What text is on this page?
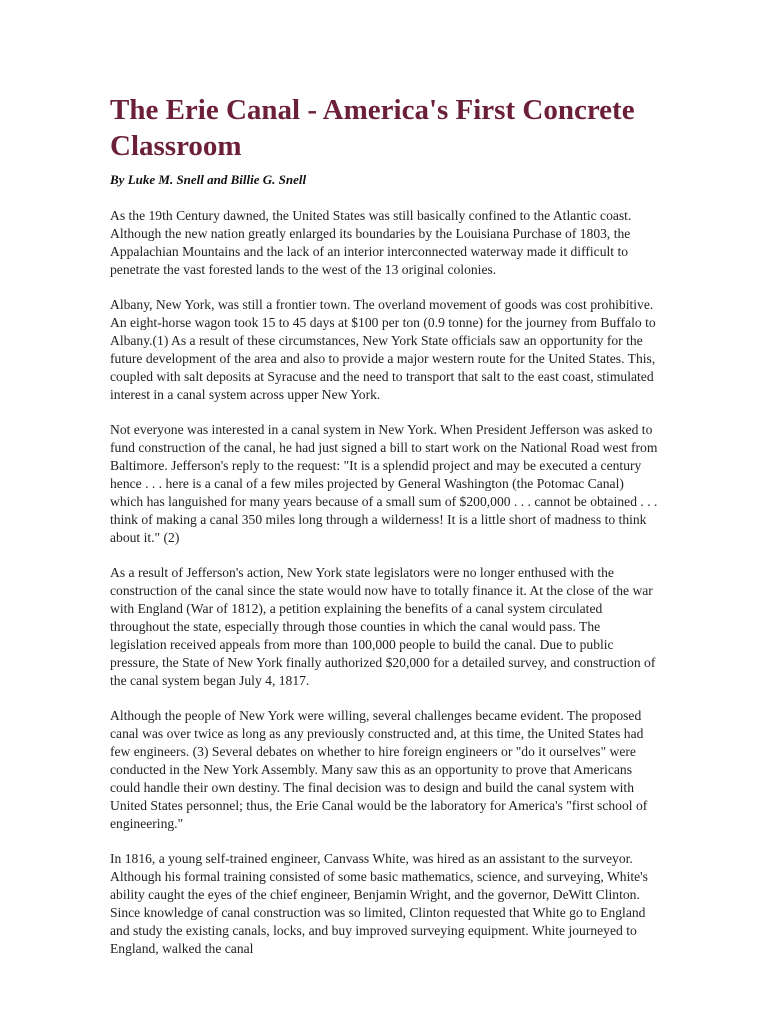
The Erie Canal - America's First Concrete Classroom
By Luke M. Snell and Billie G. Snell

As the 19th Century dawned, the United States was still basically confined to the Atlantic coast. Although the new nation greatly enlarged its boundaries by the Louisiana Purchase of 1803, the Appalachian Mountains and the lack of an interior interconnected waterway made it difficult to penetrate the vast forested lands to the west of the 13 original colonies.

Albany, New York, was still a frontier town. The overland movement of goods was cost prohibitive. An eight-horse wagon took 15 to 45 days at $100 per ton (0.9 tonne) for the journey from Buffalo to Albany.(1) As a result of these circumstances, New York State officials saw an opportunity for the future development of the area and also to provide a major western route for the United States. This, coupled with salt deposits at Syracuse and the need to transport that salt to the east coast, stimulated interest in a canal system across upper New York.

Not everyone was interested in a canal system in New York. When President Jefferson was asked to fund construction of the canal, he had just signed a bill to start work on the National Road west from Baltimore. Jefferson's reply to the request: "It is a splendid project and may be executed a century hence . . . here is a canal of a few miles projected by General Washington (the Potomac Canal) which has languished for many years because of a small sum of $200,000 . . . cannot be obtained . . . think of making a canal 350 miles long through a wilderness! It is a little short of madness to think about it." (2)

As a result of Jefferson's action, New York state legislators were no longer enthused with the construction of the canal since the state would now have to totally finance it. At the close of the war with England (War of 1812), a petition explaining the benefits of a canal system circulated throughout the state, especially through those counties in which the canal would pass. The legislation received appeals from more than 100,000 people to build the canal. Due to public pressure, the State of New York finally authorized $20,000 for a detailed survey, and construction of the canal system began July 4, 1817.

Although the people of New York were willing, several challenges became evident. The proposed canal was over twice as long as any previously constructed and, at this time, the United States had few engineers. (3) Several debates on whether to hire foreign engineers or "do it ourselves" were conducted in the New York Assembly. Many saw this as an opportunity to prove that Americans could handle their own destiny. The final decision was to design and build the canal system with United States personnel; thus, the Erie Canal would be the laboratory for America's "first school of engineering."

In 1816, a young self-trained engineer, Canvass White, was hired as an assistant to the surveyor. Although his formal training consisted of some basic mathematics, science, and surveying, White's ability caught the eyes of the chief engineer, Benjamin Wright, and the governor, DeWitt Clinton. Since knowledge of canal construction was so limited, Clinton requested that White go to England and study the existing canals, locks, and buy improved surveying equipment. White journeyed to England, walked the canal
